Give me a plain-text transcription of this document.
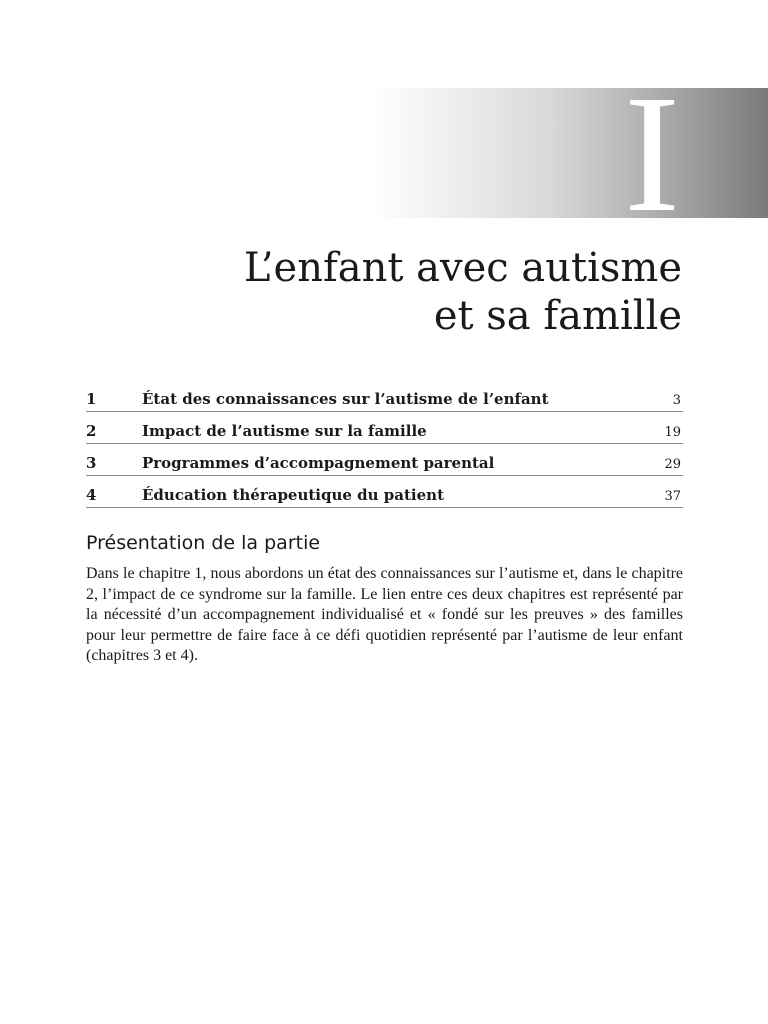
I
L’enfant avec autisme
et sa famille
1	État des connaissances sur l’autisme de l’enfant	3
2	Impact de l’autisme sur la famille	19
3	Programmes d’accompagnement parental	29
4	Éducation thérapeutique du patient	37
Présentation de la partie

Dans le chapitre 1, nous abordons un état des connaissances sur l’autisme et, dans le chapitre 2, l’impact de ce syndrome sur la famille. Le lien entre ces deux chapitres est représenté par la nécessité d’un accompagnement individualisé et « fondé sur les preuves » des familles pour leur permettre de faire face à ce défi quotidien représenté par l’autisme de leur enfant (chapitres 3 et 4).
